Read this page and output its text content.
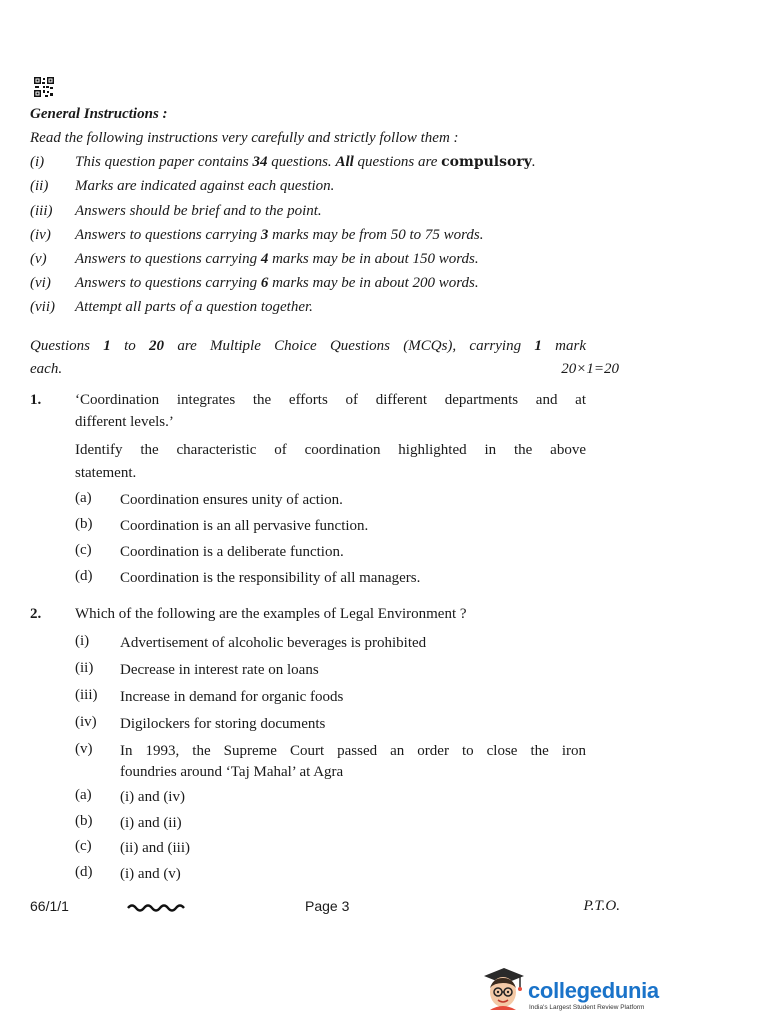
General Instructions :
Read the following instructions very carefully and strictly follow them :
(i) This question paper contains 34 questions. All questions are compulsory.
(ii) Marks are indicated against each question.
(iii) Answers should be brief and to the point.
(iv) Answers to questions carrying 3 marks may be from 50 to 75 words.
(v) Answers to questions carrying 4 marks may be in about 150 words.
(vi) Answers to questions carrying 6 marks may be in about 200 words.
(vii) Attempt all parts of a question together.
Questions 1 to 20 are Multiple Choice Questions (MCQs), carrying 1 mark
each.	20×1=20
1. ‘Coordination integrates the efforts of different departments and at
different levels.’
Identify the characteristic of coordination highlighted in the above
statement.
(a)	Coordination ensures unity of action.
(b)	Coordination is an all pervasive function.
(c)	Coordination is a deliberate function.
(d)	Coordination is the responsibility of all managers.
2. Which of the following are the examples of Legal Environment ?
(i)	Advertisement of alcoholic beverages is prohibited
(ii)	Decrease in interest rate on loans
(iii)	Increase in demand for organic foods
(iv)	Digilockers for storing documents
(v)	In 1993, the Supreme Court passed an order to close the iron
foundries around ‘Taj Mahal’ at Agra
(a)	(i) and (iv)
(b)	(i) and (ii)
(c)	(ii) and (iii)
(d)	(i) and (v)
66/1/1	Page 3	P.T.O.
collegedunia
India's Largest Student Review Platform
